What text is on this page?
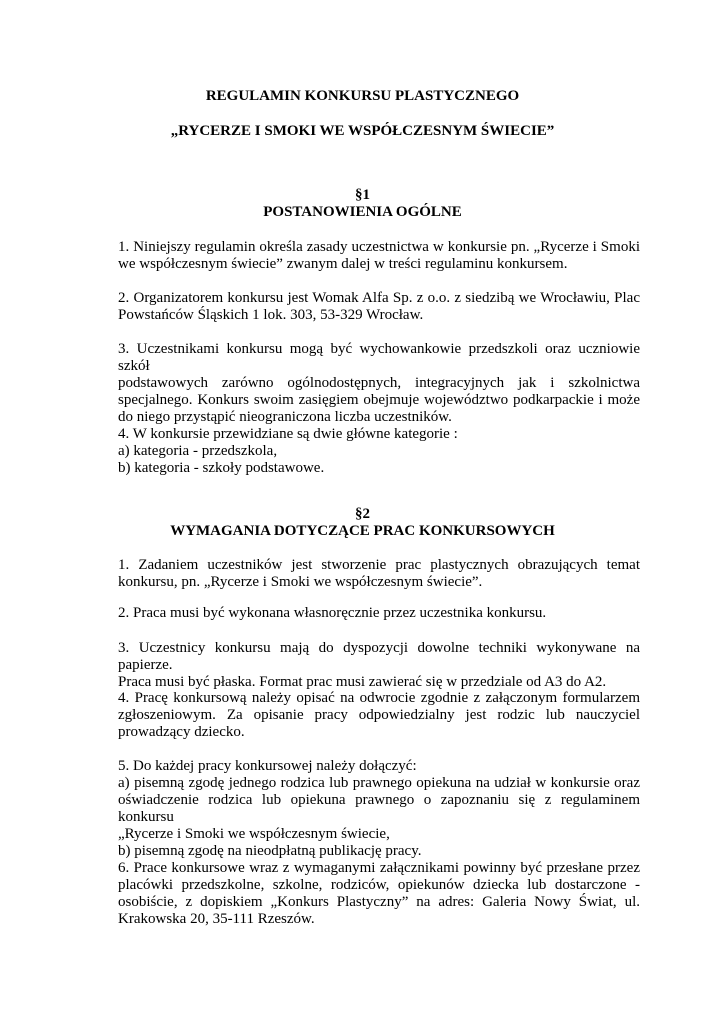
REGULAMIN KONKURSU PLASTYCZNEGO
„RYCERZE I SMOKI WE WSPÓŁCZESNYM ŚWIECIE”
§1
POSTANOWIENIA OGÓLNE
1. Niniejszy regulamin określa zasady uczestnictwa w konkursie pn. „Rycerze i Smoki
we współczesnym świecie” zwanym dalej w treści regulaminu konkursem.
2. Organizatorem konkursu jest Womak Alfa Sp. z o.o. z siedzibą we Wrocławiu, Plac
Powstańców Śląskich 1 lok. 303, 53-329 Wrocław.
3. Uczestnikami konkursu mogą być wychowankowie przedszkoli oraz uczniowie szkół
podstawowych zarówno ogólnodostępnych, integracyjnych jak i szkolnictwa
specjalnego. Konkurs swoim zasięgiem obejmuje województwo podkarpackie i może
do niego przystąpić nieograniczona liczba uczestników.
4. W konkursie przewidziane są dwie główne kategorie :
a) kategoria - przedszkola,
b) kategoria - szkoły podstawowe.
§2
WYMAGANIA DOTYCZĄCE PRAC KONKURSOWYCH
1. Zadaniem uczestników jest stworzenie prac plastycznych obrazujących temat
konkursu, pn. „Rycerze i Smoki we współczesnym świecie”.
2. Praca musi być wykonana własnoręcznie przez uczestnika konkursu.
3. Uczestnicy konkursu mają do dyspozycji dowolne techniki wykonywane na papierze.
Praca musi być płaska. Format prac musi zawierać się w przedziale od A3 do A2.
4. Pracę konkursową należy opisać na odwrocie zgodnie z załączonym formularzem
zgłoszeniowym. Za opisanie pracy odpowiedzialny jest rodzic lub nauczyciel
prowadzący dziecko.
5. Do każdej pracy konkursowej należy dołączyć:
a) pisemną zgodę jednego rodzica lub prawnego opiekuna na udział w konkursie oraz
oświadczenie rodzica lub opiekuna prawnego o zapoznaniu się z regulaminem konkursu
„Rycerze i Smoki we współczesnym świecie,
b) pisemną zgodę na nieodpłatną publikację pracy.
6. Prace konkursowe wraz z wymaganymi załącznikami powinny być przesłane przez
placówki przedszkolne, szkolne, rodziców, opiekunów dziecka lub dostarczone -
osobiście, z dopiskiem „Konkurs Plastyczny” na adres: Galeria Nowy Świat, ul.
Krakowska 20, 35-111 Rzeszów.
